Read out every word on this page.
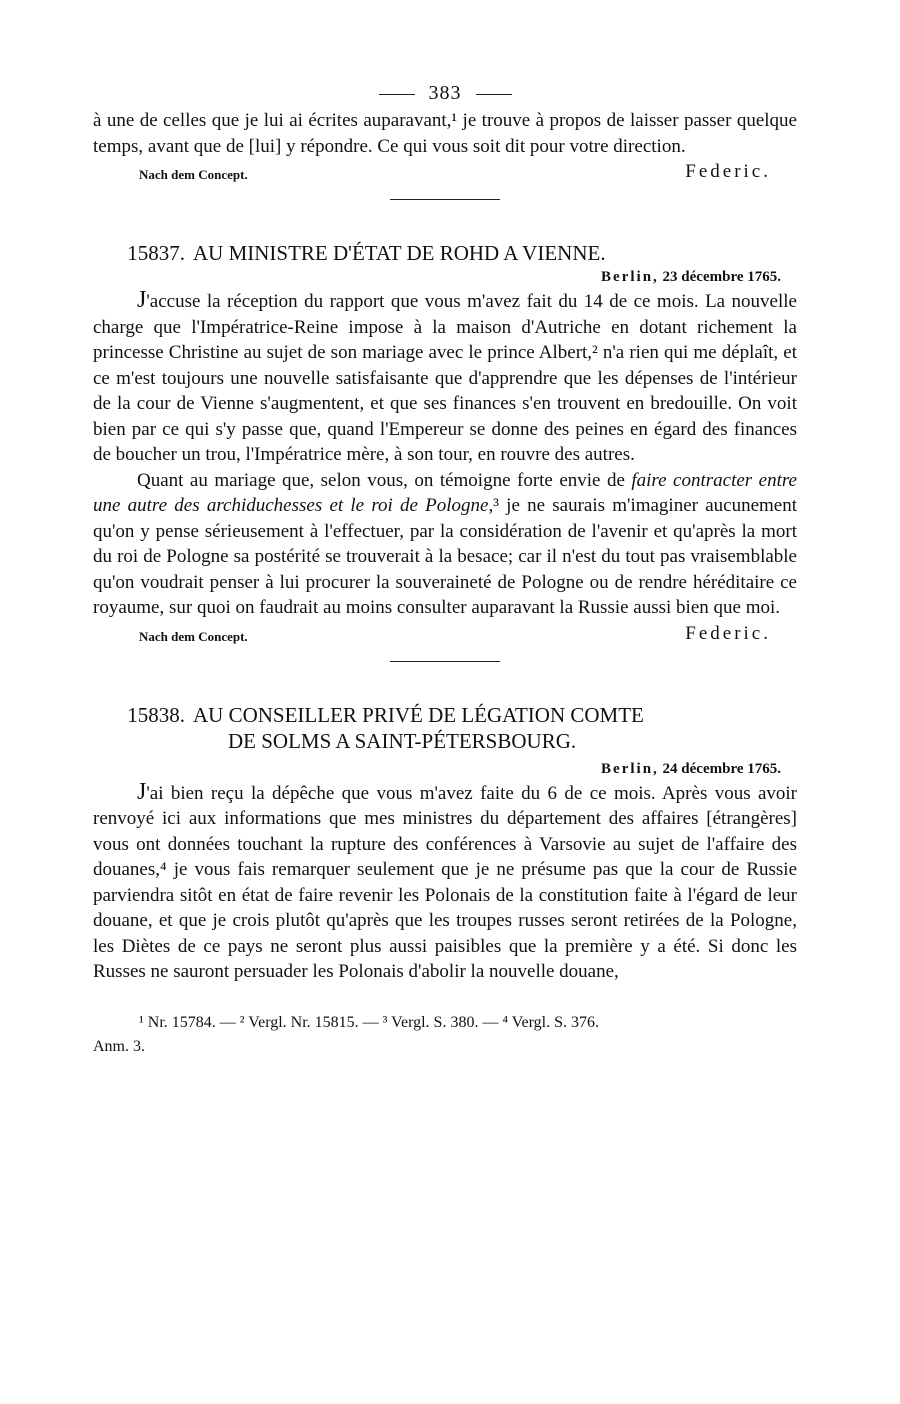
383

à une de celles que je lui ai écrites auparavant,¹ je trouve à propos de laisser passer quelque temps, avant que de [lui] y répondre. Ce qui vous soit dit pour votre direction.

Nach dem Concept.	Federic.
15837. AU MINISTRE D'ÉTAT DE ROHD A VIENNE.
Berlin, 23 décembre 1765.

J'accuse la réception du rapport que vous m'avez fait du 14 de ce mois. La nouvelle charge que l'Impératrice-Reine impose à la maison d'Autriche en dotant richement la princesse Christine au sujet de son mariage avec le prince Albert,² n'a rien qui me déplaît, et ce m'est toujours une nouvelle satisfaisante que d'apprendre que les dépenses de l'intérieur de la cour de Vienne s'augmentent, et que ses finances s'en trouvent en bredouille. On voit bien par ce qui s'y passe que, quand l'Empereur se donne des peines en égard des finances de boucher un trou, l'Impératrice mère, à son tour, en rouvre des autres.

Quant au mariage que, selon vous, on témoigne forte envie de faire contracter entre une autre des archiduchesses et le roi de Pologne,³ je ne saurais m'imaginer aucunement qu'on y pense sérieusement à l'effectuer, par la considération de l'avenir et qu'après la mort du roi de Pologne sa postérité se trouverait à la besace; car il n'est du tout pas vraisemblable qu'on voudrait penser à lui procurer la souveraineté de Pologne ou de rendre héréditaire ce royaume, sur quoi on faudrait au moins consulter auparavant la Russie aussi bien que moi.

Nach dem Concept.	Federic.
15838. AU CONSEILLER PRIVÉ DE LÉGATION COMTE
DE SOLMS A SAINT-PÉTERSBOURG.
Berlin, 24 décembre 1765.

J'ai bien reçu la dépêche que vous m'avez faite du 6 de ce mois. Après vous avoir renvoyé ici aux informations que mes ministres du département des affaires [étrangères] vous ont données touchant la rupture des conférences à Varsovie au sujet de l'affaire des douanes,⁴ je vous fais remarquer seulement que je ne présume pas que la cour de Russie parviendra sitôt en état de faire revenir les Polonais de la constitution faite à l'égard de leur douane, et que je crois plutôt qu'après que les troupes russes seront retirées de la Pologne, les Diètes de ce pays ne seront plus aussi paisibles que la première y a été. Si donc les Russes ne sauront persuader les Polonais d'abolir la nouvelle douane,

¹ Nr. 15784. — ² Vergl. Nr. 15815. — ³ Vergl. S. 380. — ⁴ Vergl. S. 376.
Anm. 3.
